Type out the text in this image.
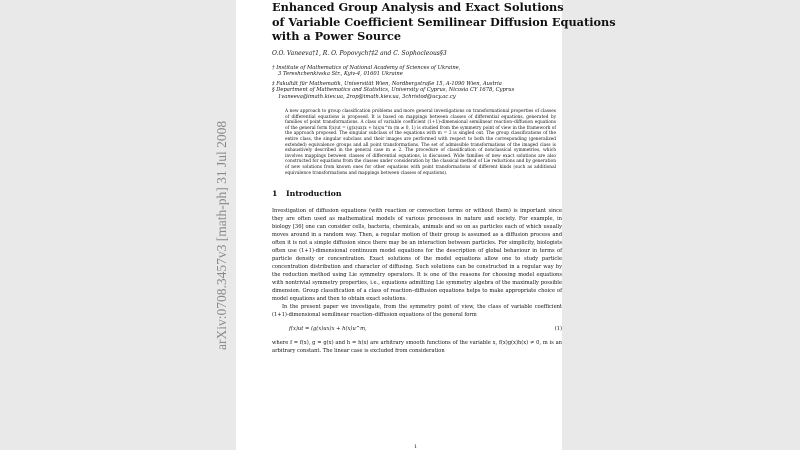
arXiv:0708.3457v3 [math-ph] 31 Jul 2008
Enhanced Group Analysis and Exact Solutions
of Variable Coefficient Semilinear Diffusion Equations
with a Power Source
O.O. Vaneeva†1, R. O. Popovych†‡2 and C. Sophocleous§3
† Institute of Mathematics of National Academy of Sciences of Ukraine,
3 Tereshchenkivska Str., Kyiv-4, 01601 Ukraine
‡ Fakultät für Mathematik, Universität Wien, Nordbergstraße 15, A-1090 Wien, Austria
§ Department of Mathematics and Statistics, University of Cyprus, Nicosia CY 1678, Cyprus
1vaneeva@imath.kiev.ua, 2rop@imath.kiev.ua, 3christod@ucy.ac.cy
A new approach to group classification problems and more general investigations on transformational properties of classes of differential equations is proposed. It is based on mappings between classes of differential equations, generated by families of point transformations. A class of variable coefficient (1+1)-dimensional semilinear reaction–diffusion equations of the general form f(x)ut = (g(x)ux)x + h(x)u^m (m ≠ 0, 1) is studied from the symmetry point of view in the framework of the approach proposed. The singular subclass of the equations with m = 2 is singled out. The group classifications of the entire class, the singular subclass and their images are performed with respect to both the corresponding (generalized extended) equivalence groups and all point transformations. The set of admissible transformations of the imaged class is exhaustively described in the general case m ≠ 2. The procedure of classification of nonclassical symmetries, which involves mappings between classes of differential equations, is discussed. Wide families of new exact solutions are also constructed for equations from the classes under consideration by the classical method of Lie reductions and by generation of new solutions from known ones for other equations with point transformations of different kinds (such as additional equivalence transformations and mappings between classes of equations).
1 Introduction

Investigation of diffusion equations (with reaction or convection terms or without them) is important since they are often used as mathematical models of various processes in nature and society. For example, in biology [36] one can consider cells, bacteria, chemicals, animals and so on as particles each of which usually moves around in a random way. Then, a regular motion of their group is assumed as a diffusion process and often it is not a simple diffusion since there may be an interaction between particles. For simplicity, biologists often use (1+1)-dimensional continuum model equations for the description of global behaviour in terms of particle density or concentration. Exact solutions of the model equations allow one to study particle concentration distribution and character of diffusing. Such solutions can be constructed in a regular way by the reduction method using Lie symmetry operators. It is one of the reasons for choosing model equations with nontrivial symmetry properties, i.e., equations admitting Lie symmetry algebra of the maximally possible dimension. Group classification of a class of reaction–diffusion equations helps to make appropriate choice of model equations and then to obtain exact solutions.

In the present paper we investigate, from the symmetry point of view, the class of variable coefficient (1+1)-dimensional semilinear reaction–diffusion equations of the general form

f(x)ut = (g(x)ux)x + h(x)u^m,	(1)

where f = f(x), g = g(x) and h = h(x) are arbitrary smooth functions of the variable x, f(x)g(x)h(x) ≠ 0, m is an arbitrary constant. The linear case is excluded from consideration

1
